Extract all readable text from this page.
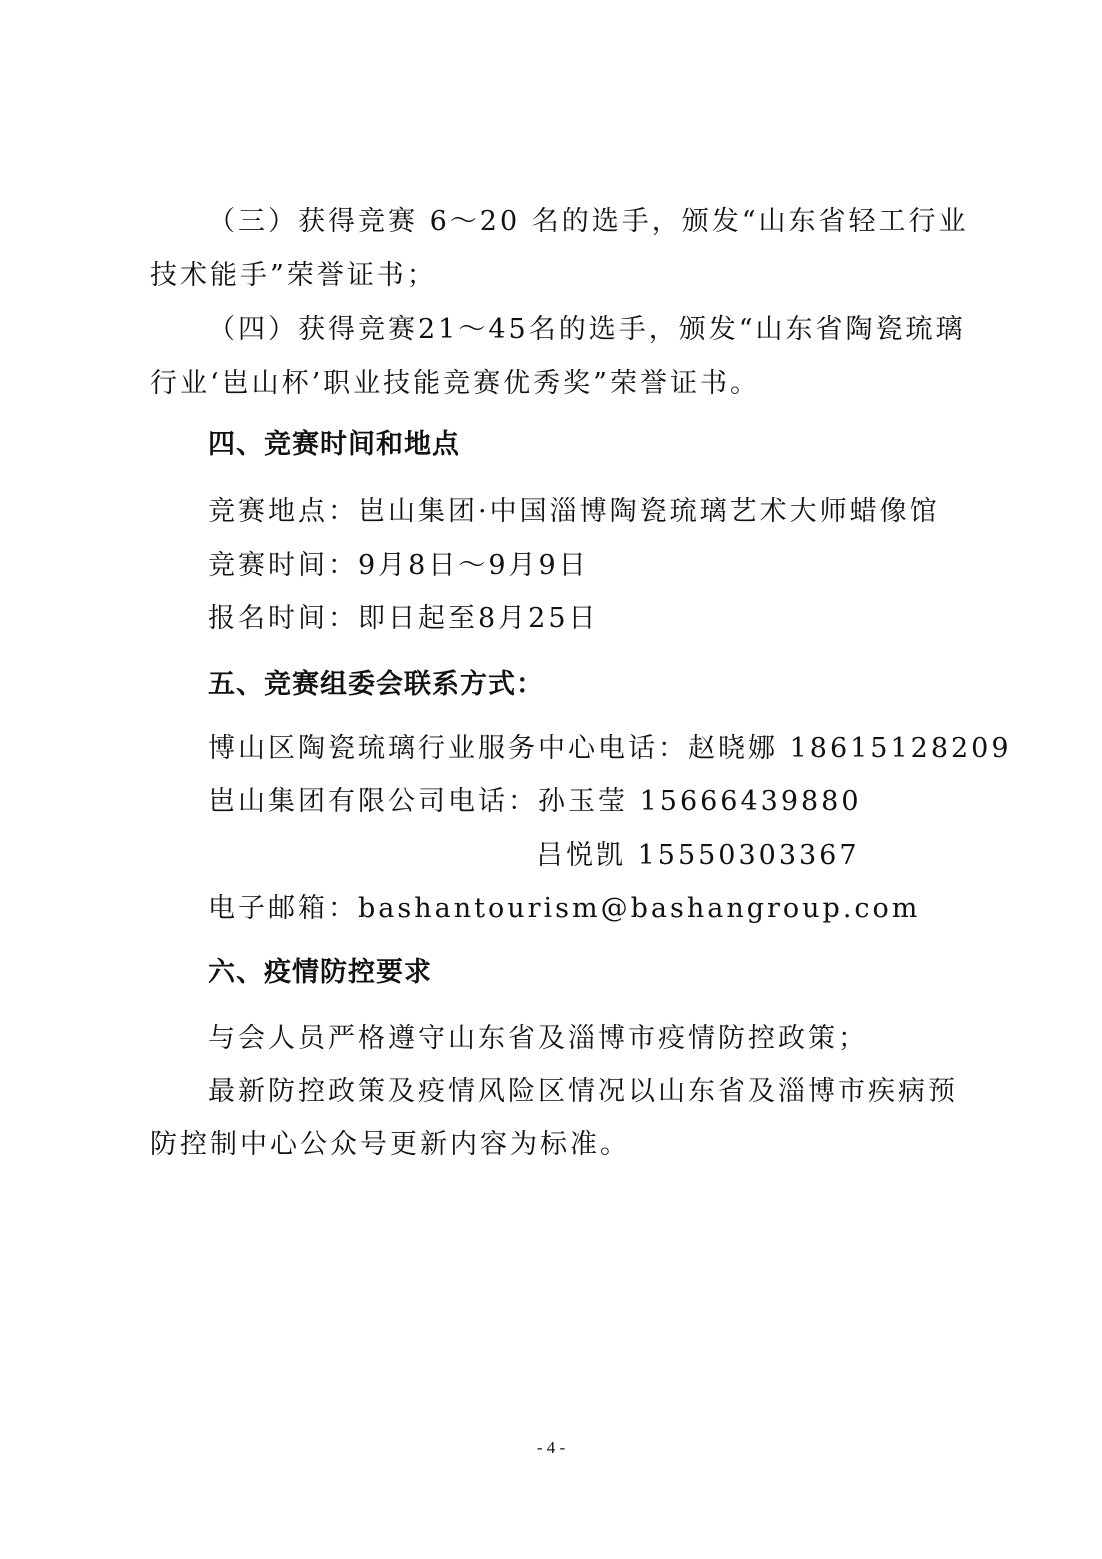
（三）获得竞赛 6～20 名的选手，颁发“山东省轻工行业
技术能手”荣誉证书；
（四）获得竞赛21～45名的选手，颁发“山东省陶瓷琉璃
行业‘岜山杯’职业技能竞赛优秀奖”荣誉证书。
四、竞赛时间和地点
竞赛地点：岜山集团·中国淄博陶瓷琉璃艺术大师蜡像馆
竞赛时间：9月8日～9月9日
报名时间：即日起至8月25日
五、竞赛组委会联系方式：
博山区陶瓷琉璃行业服务中心电话：赵晓娜 18615128209
岜山集团有限公司电话：孙玉莹 15666439880
吕悦凯 15550303367
电子邮箱：bashantourism@bashangroup.com
六、疫情防控要求
与会人员严格遵守山东省及淄博市疫情防控政策；
最新防控政策及疫情风险区情况以山东省及淄博市疾病预
防控制中心公众号更新内容为标准。
- 4 -
